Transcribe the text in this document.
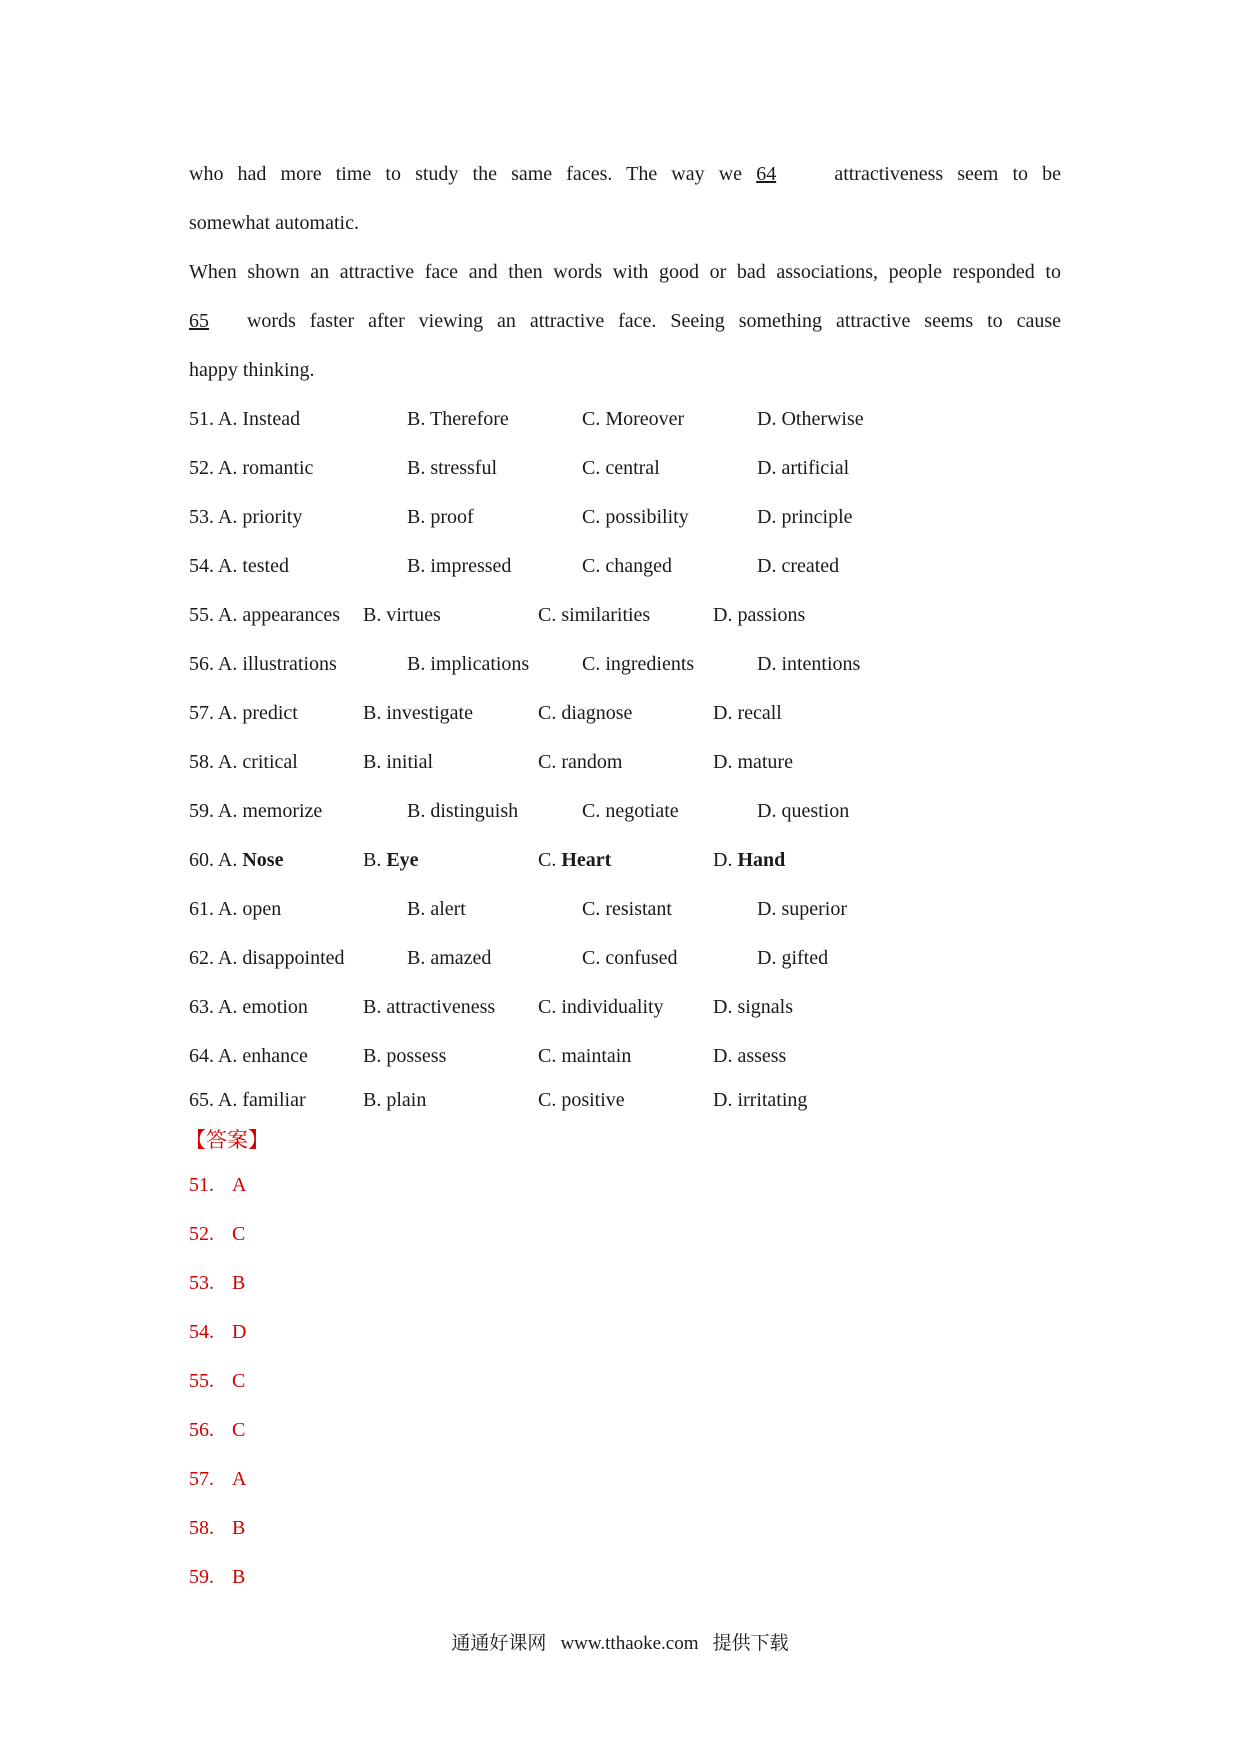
who had more time to study the same faces. The way we 64	attractiveness seem to be
somewhat automatic.
When shown an attractive face and then words with good or bad associations, people responded to
65 words faster after viewing an attractive face. Seeing something attractive seems to cause
happy thinking.
51. A. Instead	B. Therefore	C. Moreover	D. Otherwise
52. A. romantic	B. stressful	C. central	D. artificial
53. A. priority	B. proof	C. possibility	D. principle
54. A. tested	B. impressed	C. changed	D. created
55. A. appearances B. virtues	C. similarities	D. passions
56. A. illustrations	B. implications	C. ingredients	D. intentions
57. A. predict	B. investigate	C. diagnose	D. recall
58. A. critical	B. initial	C. random	D. mature
59. A. memorize	B. distinguish	C. negotiate	D. question
60. A. Nose	B. Eye	C. Heart	D. Hand
61. A. open	B. alert	C. resistant	D. superior
62. A. disappointed	B. amazed	C. confused	D. gifted
63. A. emotion	B. attractiveness C. individuality D. signals
64. A. enhance	B. possess	C. maintain	D. assess
65. A. familiar	B. plain	C. positive	D. irritating
【答案】
51. A
52. C
53. B
54. D
55. C
56. C
57. A
58. B
59. B
通通好课网 www.tthaoke.com 提供下载
